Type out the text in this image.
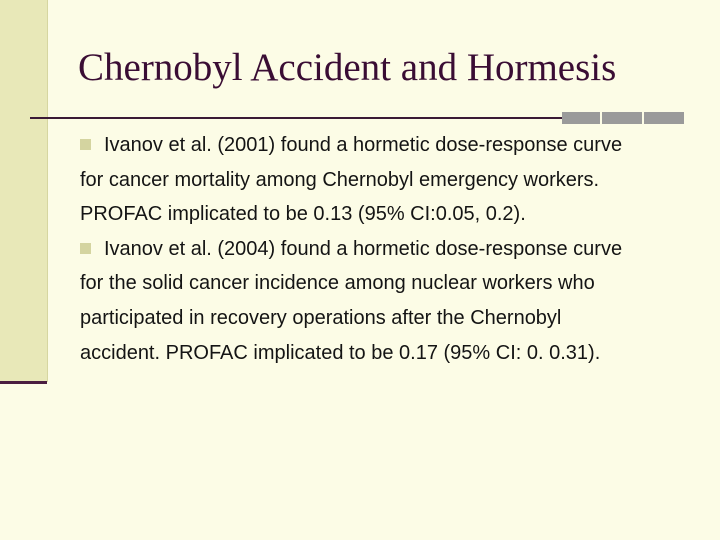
Chernobyl Accident and Hormesis

Ivanov et al. (2001) found a hormetic dose-response curve for cancer mortality among Chernobyl emergency workers. PROFAC implicated to be 0.13 (95% CI:0.05, 0.2).

Ivanov et al. (2004) found a hormetic dose-response curve for the solid cancer incidence among nuclear workers who participated in recovery operations after the Chernobyl accident. PROFAC implicated to be 0.17 (95% CI: 0. 0.31).
